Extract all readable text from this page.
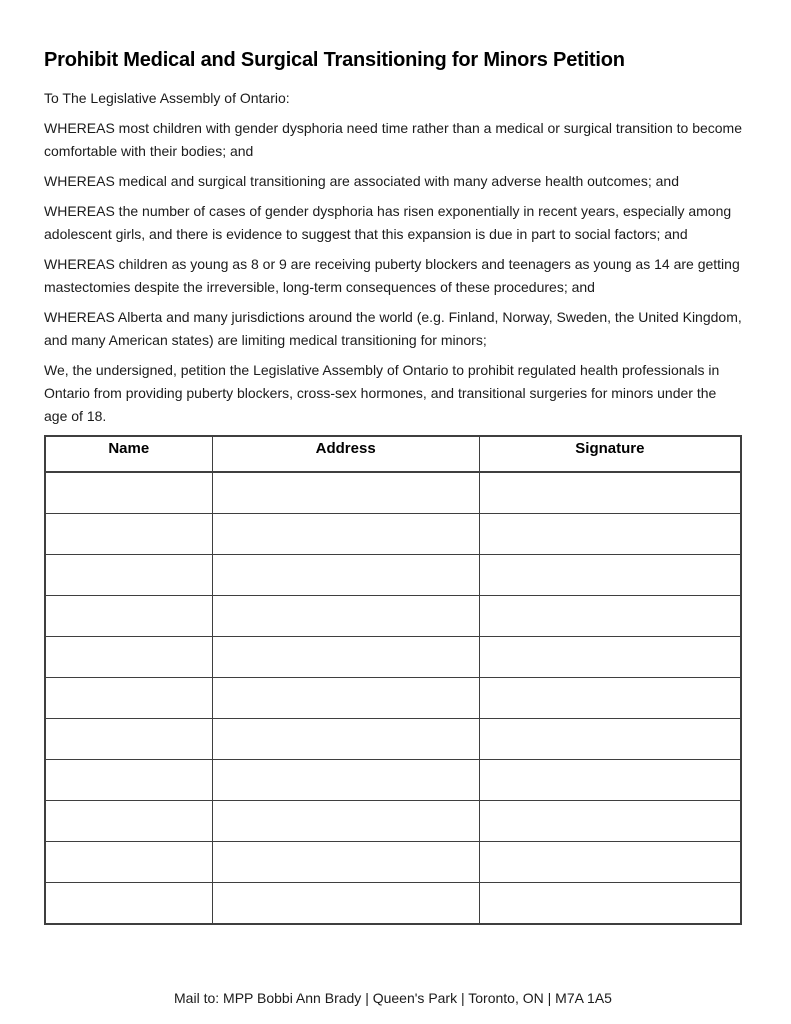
Prohibit Medical and Surgical Transitioning for Minors Petition

To The Legislative Assembly of Ontario:

WHEREAS most children with gender dysphoria need time rather than a medical or surgical transition to become comfortable with their bodies; and

WHEREAS medical and surgical transitioning are associated with many adverse health outcomes; and

WHEREAS the number of cases of gender dysphoria has risen exponentially in recent years, especially among adolescent girls, and there is evidence to suggest that this expansion is due in part to social factors; and

WHEREAS children as young as 8 or 9 are receiving puberty blockers and teenagers as young as 14 are getting mastectomies despite the irreversible, long-term consequences of these procedures; and

WHEREAS Alberta and many jurisdictions around the world (e.g. Finland, Norway, Sweden, the United Kingdom, and many American states) are limiting medical transitioning for minors;

We, the undersigned, petition the Legislative Assembly of Ontario to prohibit regulated health professionals in Ontario from providing puberty blockers, cross-sex hormones, and transitional surgeries for minors under the age of 18.

Name	Address	Signature

Mail to: MPP Bobbi Ann Brady | Queen's Park | Toronto, ON | M7A 1A5
